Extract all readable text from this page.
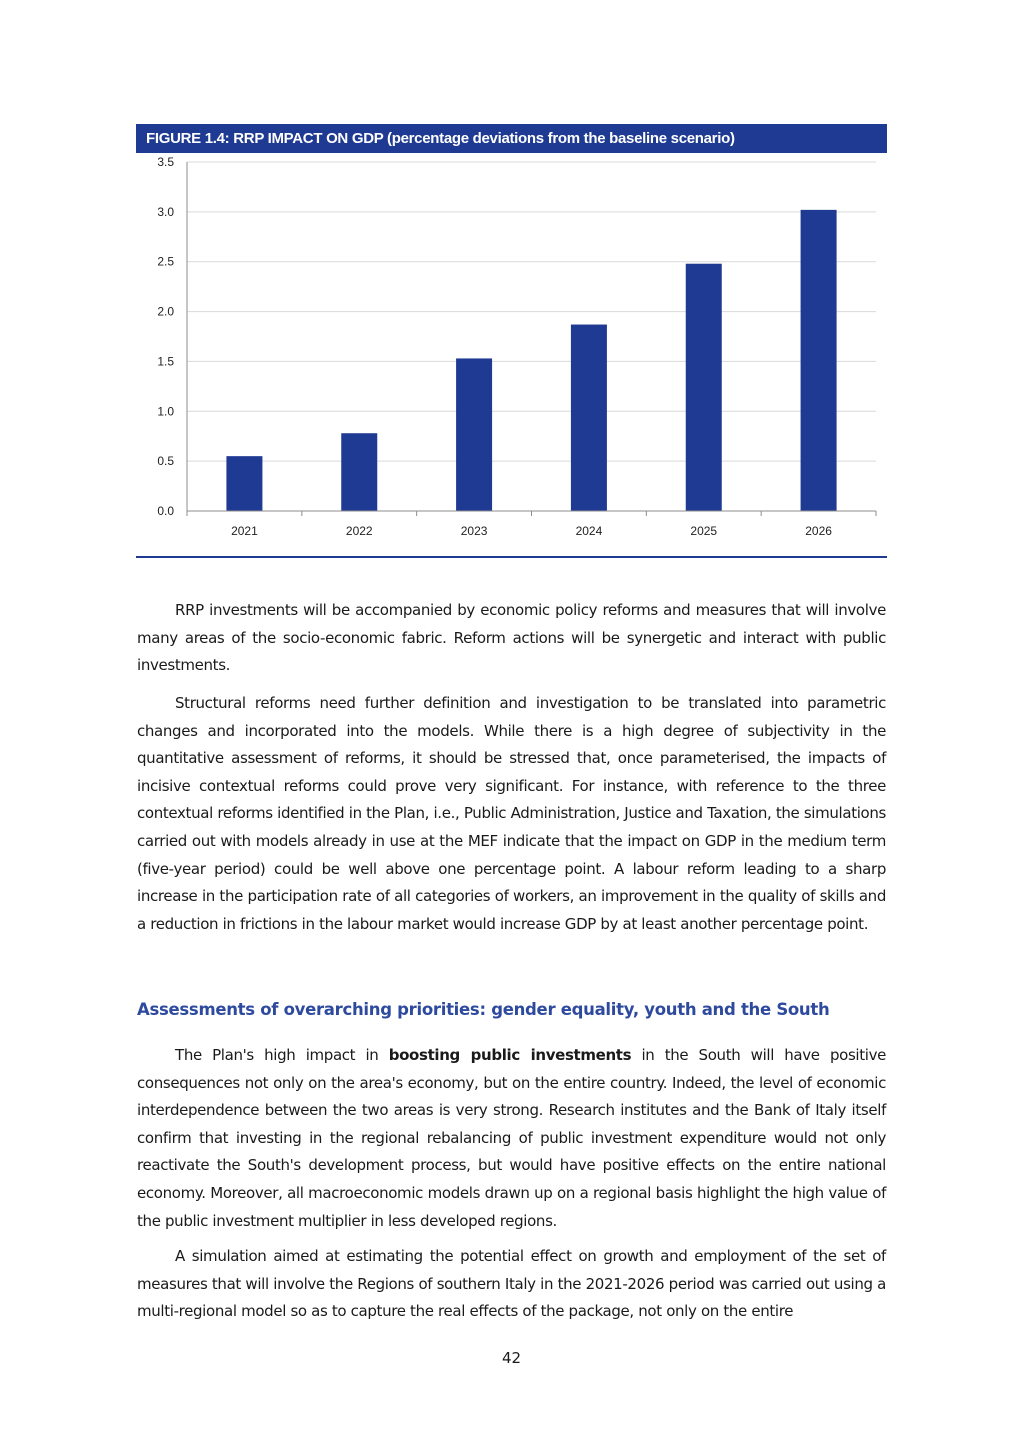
FIGURE 1.4: RRP IMPACT ON GDP (percentage deviations from the baseline scenario)
0.0
0.5
1.0
1.5
2.0
2.5
3.0
3.5
2021	2022	2023	2024	2025	2026

RRP investments will be accompanied by economic policy reforms and measures that will involve many areas of the socio-economic fabric. Reform actions will be synergetic and interact with public investments.

Structural reforms need further definition and investigation to be translated into parametric changes and incorporated into the models. While there is a high degree of subjectivity in the quantitative assessment of reforms, it should be stressed that, once parameterised, the impacts of incisive contextual reforms could prove very significant. For instance, with reference to the three contextual reforms identified in the Plan, i.e., Public Administration, Justice and Taxation, the simulations carried out with models already in use at the MEF indicate that the impact on GDP in the medium term (five-year period) could be well above one percentage point. A labour reform leading to a sharp increase in the participation rate of all categories of workers, an improvement in the quality of skills and a reduction in frictions in the labour market would increase GDP by at least another percentage point.

Assessments of overarching priorities: gender equality, youth and the South

The Plan's high impact in boosting public investments in the South will have positive consequences not only on the area's economy, but on the entire country. Indeed, the level of economic interdependence between the two areas is very strong. Research institutes and the Bank of Italy itself confirm that investing in the regional rebalancing of public investment expenditure would not only reactivate the South's development process, but would have positive effects on the entire national economy. Moreover, all macroeconomic models drawn up on a regional basis highlight the high value of the public investment multiplier in less developed regions.

A simulation aimed at estimating the potential effect on growth and employment of the set of measures that will involve the Regions of southern Italy in the 2021-2026 period was carried out using a multi-regional model so as to capture the real effects of the package, not only on the entire

42
